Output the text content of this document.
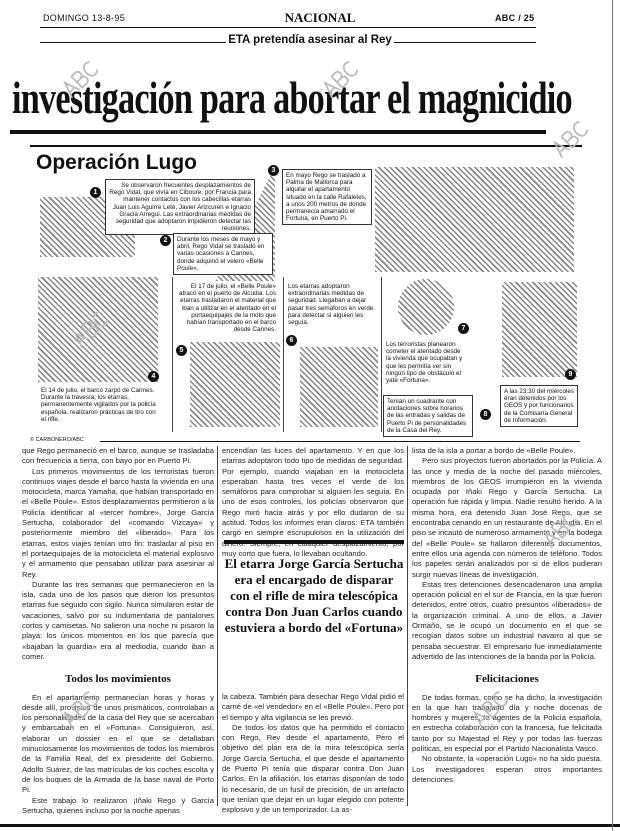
DOMINGO 13-8-95	NACIONAL	ABC / 25
ETA pretendía asesinar al Rey
investigación para abortar el magnicidio
Operación Lugo
Se observaron frecuentes desplazamientos de Rego Vidal, que vivía en Ciboure, por Francia para mantener contactos con los cabecillas etarras Juan Luis Aguirre Lete, Javier Arizcuren e Ignacio Gracia Arregui. Las extraordinarias medidas de seguridad que adoptaron impidieron detectar las reuniones.
1
Durante los meses de mayo y abril, Rego Vidal se trasladó en varias ocasiones a Cannes, donde adquirió el velero «Belle Poule».
2
En mayo Rego se trasladó a Palma de Mallorca para alquilar el apartamento situado en la calle Rafaletes, a unos 200 metros de donde permanecía amarrado el Fortuna, en Puerto Pi.
3
El 14 de julio, el barco zarpó de Cannes. Durante la travesía, los etarras, permanentemente vigilados por la policía española, realizaron prácticas de tiro con el rifle.
4
El 17 de julio, el «Belle Poule» atracó en el puerto de Alcudia. Los etarras trasladaron el material que iban a utilizar en el atentado en el portaequipajes de la moto que habían transportado en el barco desde Cannes.
5
Los etarras adoptaron extraordinarias medidas de seguridad. Llegaban a dejar pasar tres semáforos en verde para detectar si alguien les seguía.
6
Los terroristas planearon cometer el atentado desde la vivienda que ocupaban y que les permitía ver sin ningún tipo de obstáculo el yate «Fortuna».
7
Tenían un cuadrante con anotaciones sobre horarios de las entradas y salidas de Puerto Pi de personalidades de la Casa del Rey.
8
A las 23:30 del miércoles eran detenidos por los GEOS y por funcionarios de la Comisaría General de Información.
9
© CARBONERO/ABC

que Rego permaneció en el barco, aunque se trasladaba con frecuencia a tierra, con bayo por en Puerto Pi.

Los primeros movimientos de los terroristas fueron continuos viajes desde el barco hasta la vivienda en una motocicleta, marca Yamaha, que habían transportado en el «Belle Poule». Estos desplazamientos permitieron a la Policía identificar al «tercer hombre», Jorge García Sertucha, colaborador del «comando Vizcaya» y posteriormente miembro del «liberado». Para los etarras, estos viajes tenían otro fin: trasladar al piso en el portaequipajes de la motocicleta el material explosivo y el armamento que pensaban utilizar para asesinar al Rey.

Durante las tres semanas que permanecieron en la isla, cada uno de los pasos que dieron los presuntos etarras fue seguido con sigilo. Nunca simularon estar de vacaciones, salvo por su indumentaria de pantalones cortos y camisetas. No salieron una noche ni pisaron la playa: los únicos momentos en los que parecía que «bajaban la guardia» era al mediodía, cuando iban a comer.

Todos los movimientos

En el apartamento permanecían horas y horas y desde allí, provistos de unos prismáticos, controlaban a los personalidades de la casa del Rey que se acercaban y embarcaban en el «Fortuna». Consiguieron, así, elaborar un dossier en el que se detallaban minuciosamente los movimientos de todos los miembros de la Familia Real, del ex presidente del Gobierno, Adolfo Suárez, de las matrículas de los coches escolta y de los buques de la Armada de la base naval de Porto Pi.

Este trabajo lo realizaron ¡Iñaki Rego y García Sertucha, quienes incluso por la noche apenas

encendían las luces del apartamento. Y en que los etarras adoptaron todo tipo de medidas de seguridad. Por ejemplo, cuando viajaban en la motocicleta esperaban hasta tres veces el verde de los semáforos para comprobar si alguien les seguía. En uno de esos controles, los policías observaron que Rego miró hacia atrás y por ello dudaron de su actitud. Todos los informes eran claros: ETA también cargó en siempre escrupulosos en la utilización del dinero. Siempre, en cualquier desplazamiento, por muy corto que fuera, lo llevaban ocultando.

El etarra Jorge García Sertucha era el encargado de disparar con el rifle de mira telescópica contra Don Juan Carlos cuando estuviera a bordo del «Fortuna»

la cabeza. También para desechar Rego Vidal pidió el carné de «el vendedor» en el «Belle Poule». Pero por el tiempo y alta vigilancia se les previó.

De todos los datos que ha permitido el contacto con Rego, Rev desde el apartamento, Pero el objetivo del plan era de la mira telescópica sería Jorge García Sertucha, el que desde el apartamento de Puerto Pi tenía que disparar contra Don Juan Carlos. En la afiliación, los etarras disponían de todo lo necesario, de un fusil de precisión, de un artefacto que tenían que dejar en un lugar elegido con potente explosivo y de un temporizador. La as-

lista de la isla a portar a bordo de «Belle Poule».

Pero sus proyectos fueron abortados por la Policía. A las once y media de la noche del pasado miércoles, miembros de los GEOS irrumpieron en la vivienda ocupada por Iñaki Rego y García Sertucha. La operación fue rápida y limpia. Nadie resultó herido. A la misma hora, era detenido Juan José Rego, que se encontraba cenando en un restaurante de Alcudia. En el piso se incautó de numeroso armamento y en la bodega del «Belle Poule» se hallaron diferentes documentos, entre ellos una agenda con números de teléfono. Todos los papeles serán analizados por si de ellos pudieran surgir nuevas líneas de investigación.

Estas tres detenciones desencadenaron una amplia operación policial en el sur de Francia, en la que fueron detenidos, entre otros, cuatro presuntos «liberados» de la organización criminal. A uno de ellos, a Javier Ormaño, se le ocupó un documento en el que se recogían datos sobre un industrial navarro al que se pensaba secuestrar. El empresario fue inmediatamente advertido de las intenciones de la banda por la Policía.

Felicitaciones

De todas formas, como se ha dicho, la investigación en la que han trabajado día y noche docenas de hombres y mujeres, lo agentes de la Policía española, en estrecha colaboración con la francesa, fue felicitada tanto por su Majestad el Rey y por todas las fuerzas políticas, en especial por el Partido Nacionalista Vasco.

No obstante, la «operación Lugo» no ha sido puesta. Los investigadores esperan otros importantes detenciones.
